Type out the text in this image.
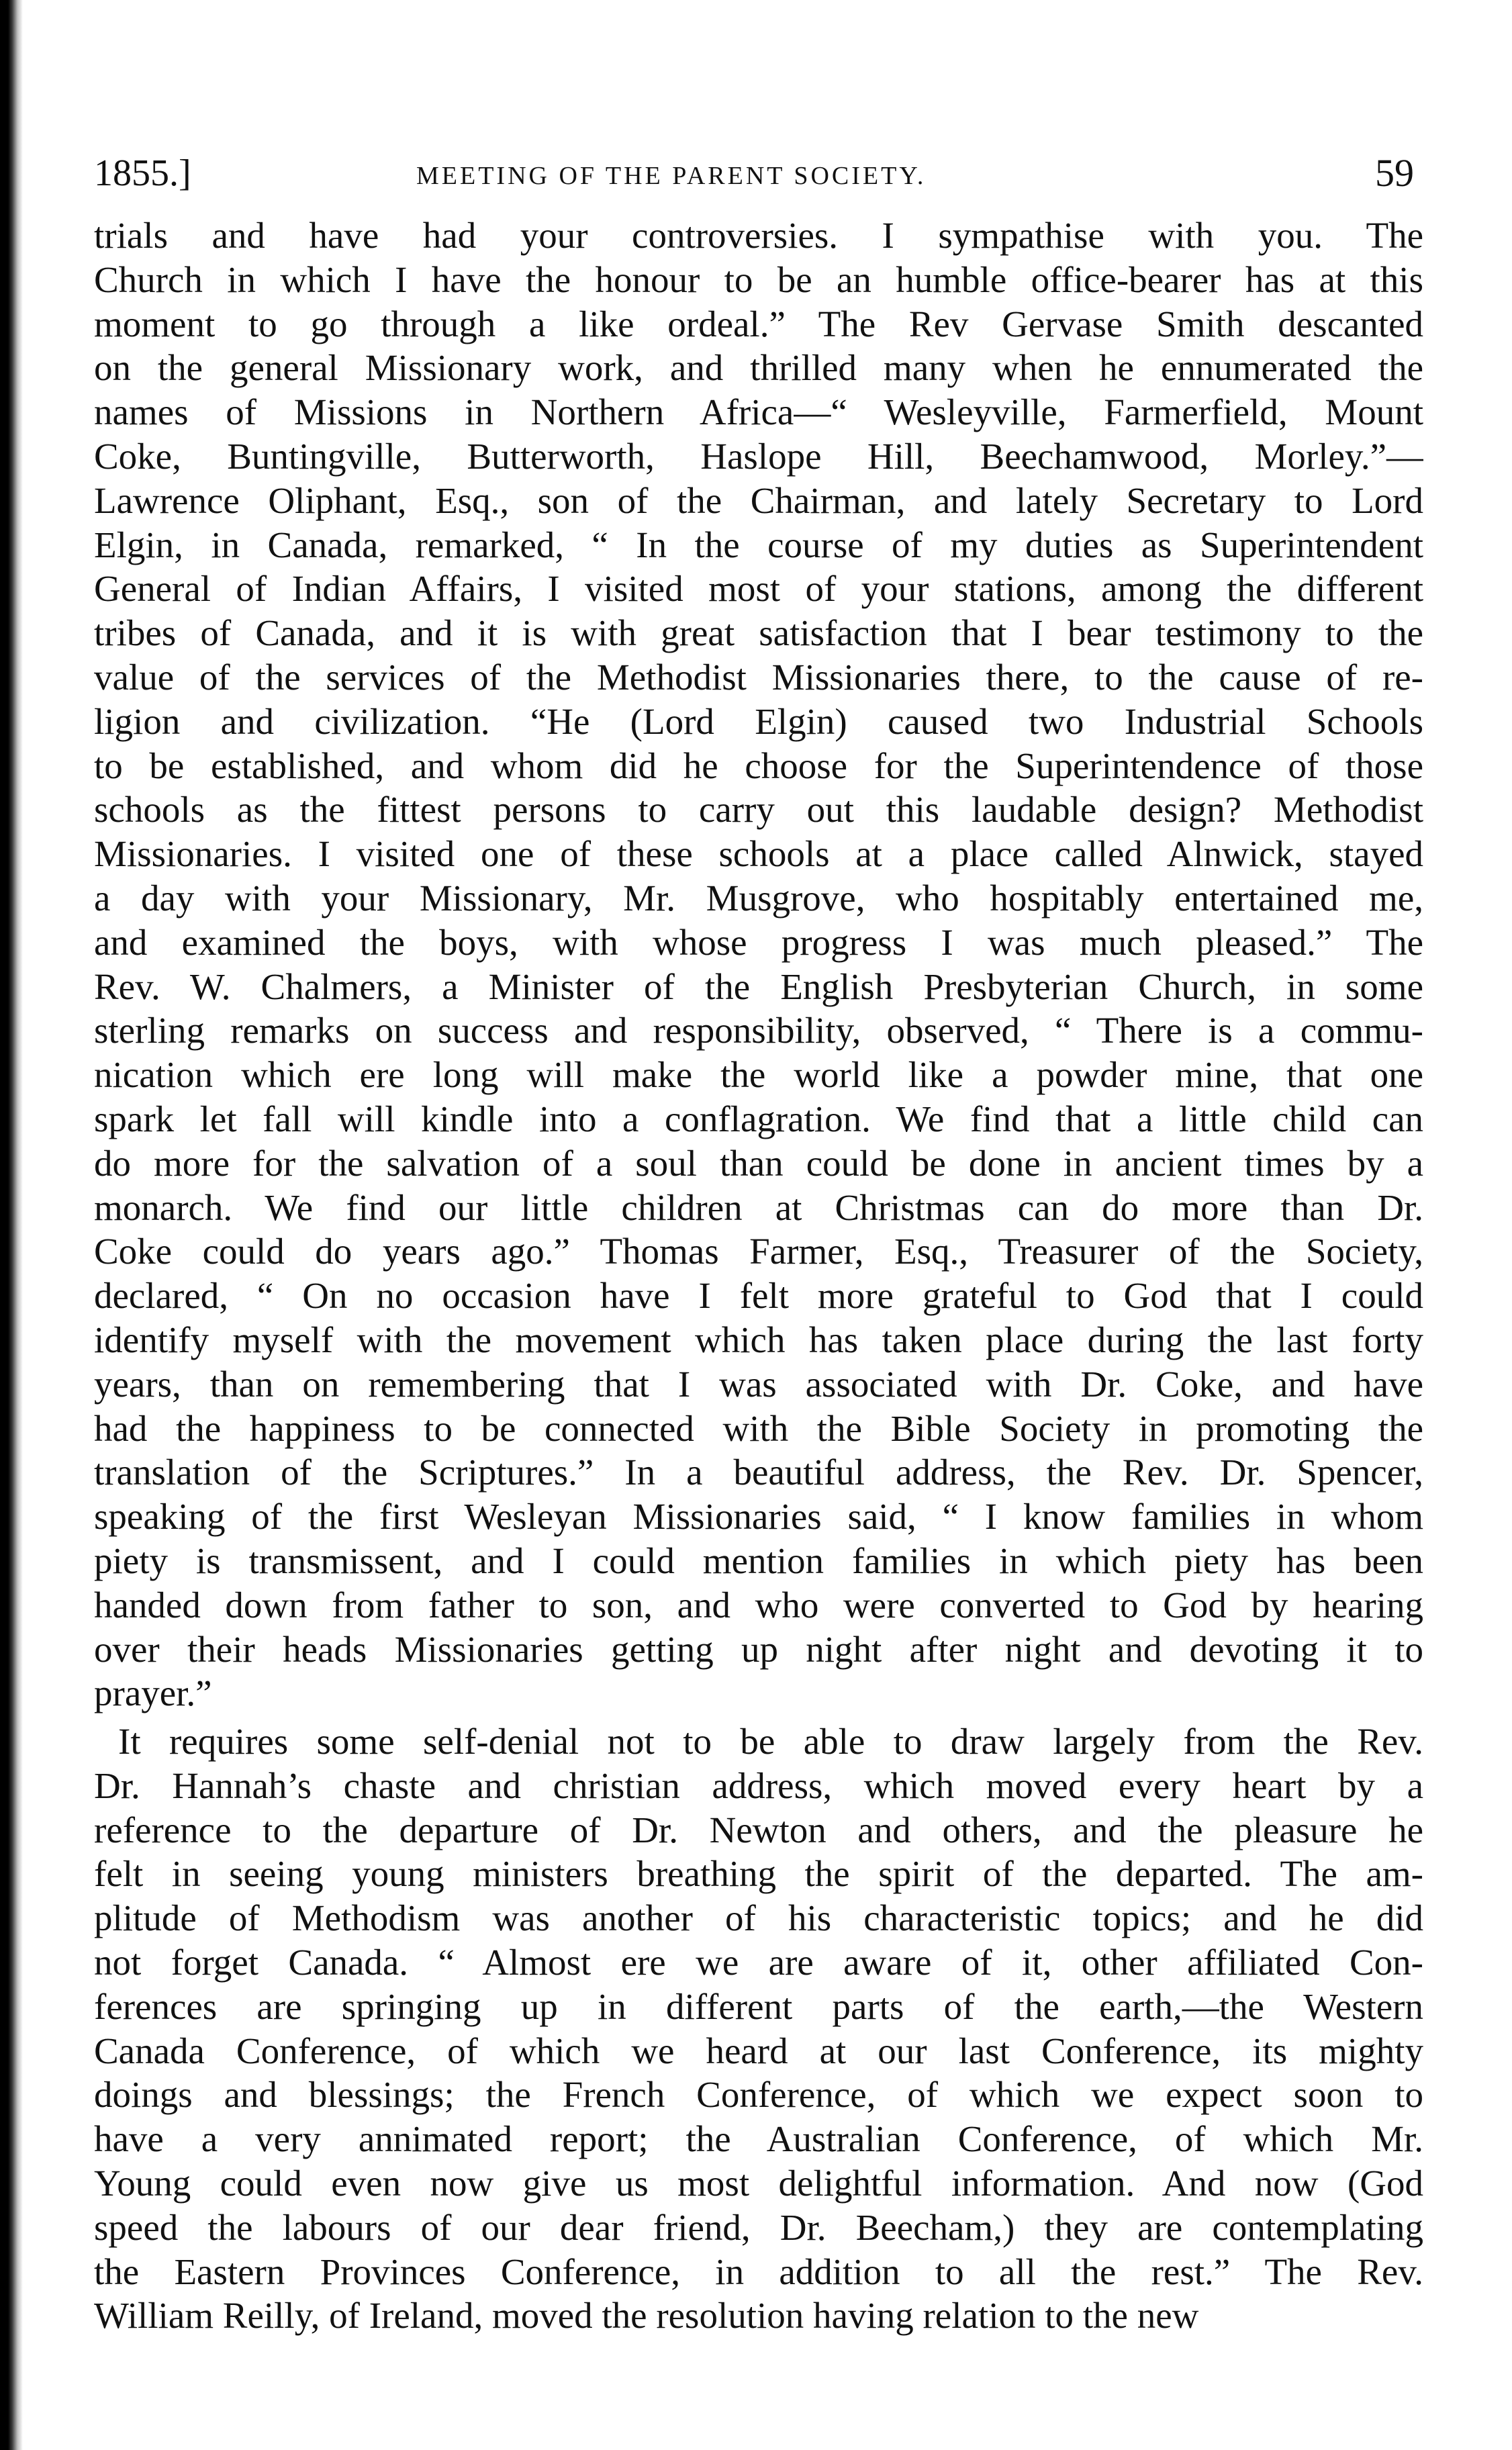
1855.]	MEETING OF THE PARENT SOCIETY.	59

trials and have had your controversies. I sympathise with you. The
Church in which I have the honour to be an humble office-bearer has at this
moment to go through a like ordeal.” The Rev Gervase Smith descanted
on the general Missionary work, and thrilled many when he ennumerated the
names of Missions in Northern Africa—“ Wesleyville, Farmerfield, Mount
Coke, Buntingville, Butterworth, Haslope Hill, Beechamwood, Morley.”—
Lawrence Oliphant, Esq., son of the Chairman, and lately Secretary to Lord
Elgin, in Canada, remarked, “ In the course of my duties as Superintendent
General of Indian Affairs, I visited most of your stations, among the different
tribes of Canada, and it is with great satisfaction that I bear testimony to the
value of the services of the Methodist Missionaries there, to the cause of re-
ligion and civilization. “He (Lord Elgin) caused two Industrial Schools
to be established, and whom did he choose for the Superintendence of those
schools as the fittest persons to carry out this laudable design? Methodist
Missionaries. I visited one of these schools at a place called Alnwick, stayed
a day with your Missionary, Mr. Musgrove, who hospitably entertained me,
and examined the boys, with whose progress I was much pleased.” The
Rev. W. Chalmers, a Minister of the English Presbyterian Church, in some
sterling remarks on success and responsibility, observed, “ There is a commu-
nication which ere long will make the world like a powder mine, that one
spark let fall will kindle into a conflagration. We find that a little child can
do more for the salvation of a soul than could be done in ancient times by a
monarch. We find our little children at Christmas can do more than Dr.
Coke could do years ago.” Thomas Farmer, Esq., Treasurer of the Society,
declared, “ On no occasion have I felt more grateful to God that I could
identify myself with the movement which has taken place during the last forty
years, than on remembering that I was associated with Dr. Coke, and have
had the happiness to be connected with the Bible Society in promoting the
translation of the Scriptures.” In a beautiful address, the Rev. Dr. Spencer,
speaking of the first Wesleyan Missionaries said, “ I know families in whom
piety is transmissent, and I could mention families in which piety has been
handed down from father to son, and who were converted to God by hearing
over their heads Missionaries getting up night after night and devoting it to
prayer.”

It requires some self-denial not to be able to draw largely from the Rev.
Dr. Hannah’s chaste and christian address, which moved every heart by a
reference to the departure of Dr. Newton and others, and the pleasure he
felt in seeing young ministers breathing the spirit of the departed. The am-
plitude of Methodism was another of his characteristic topics; and he did
not forget Canada. “ Almost ere we are aware of it, other affiliated Con-
ferences are springing up in different parts of the earth,—the Western
Canada Conference, of which we heard at our last Conference, its mighty
doings and blessings; the French Conference, of which we expect soon to
have a very annimated report; the Australian Conference, of which Mr.
Young could even now give us most delightful information. And now (God
speed the labours of our dear friend, Dr. Beecham,) they are contemplating
the Eastern Provinces Conference, in addition to all the rest.” The Rev.
William Reilly, of Ireland, moved the resolution having relation to the new
